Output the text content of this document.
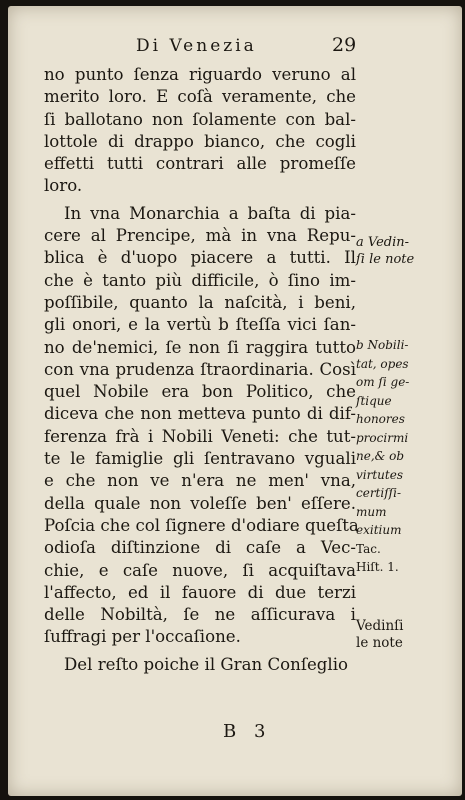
Di Venezia	29
no punto ſenza riguardo veruno al
merito loro. E coſà veramente, che
ſi ballotano non ſolamente con bal-
lottole di drappo bianco, che cogli
effetti tutti contrari alle promeſſe
loro.
In vna Monarchia a baſta di pia-
cere al Prencipe, mà in vna Repu-
blica è d'uopo piacere a tutti. Il
che è tanto più difficile, ò ſino im-
poſſibile, quanto la naſcità, i beni,
gli onori, e la vertù b ſteſſa vici ſan-
no de'nemici, ſe non ſi raggira tutto
con vna prudenza ſtraordinaria. Così
quel Nobile era bon Politico, che
diceva che non metteva punto di dif-
ferenza frà i Nobili Veneti: che tut-
te le famiglie gli ſentravano vguali
e che non ve n'era ne men' vna,
della quale non voleſſe ben' eſſere.
Poſcia che col ſignere d'odiare queſta
odioſa diſtinzione di caſe a Vec-
chie, e caſe nuove, ſi acquiſtava
l'affecto, ed il fauore di due terzi
delle Nobiltà, ſe ne aſſicurava i
ſuffragi per l'occaſione.
Del reſto poiche il Gran Conſeglio
a Vedin-
ſi le note
b Nobili-
tat, opes
om ſi ge-
ſtique
honores
procirmi
ne,& ob
virtutes
certiſſi-
mum
exitium
Tac.
Hiſt. 1.
Vedinſi
le note
B 3
